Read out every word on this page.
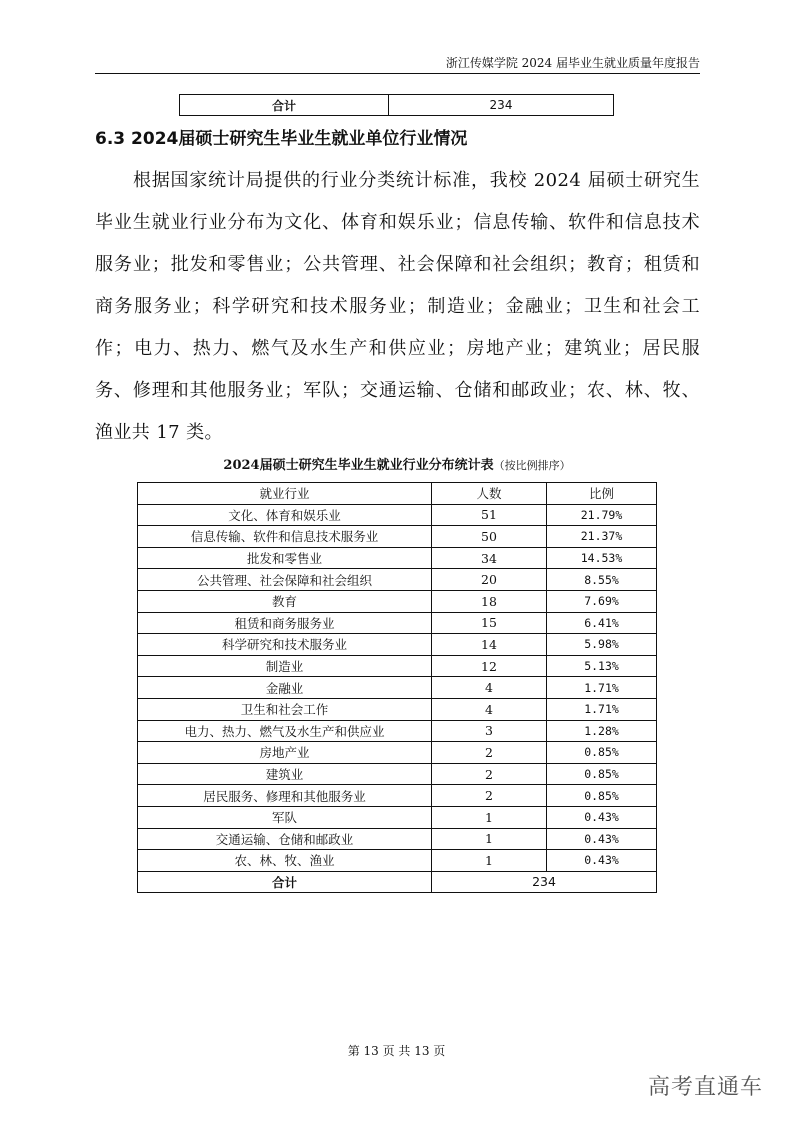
浙江传媒学院 2024 届毕业生就业质量年度报告
合计	234
6.3 2024届硕士研究生毕业生就业单位行业情况
根据国家统计局提供的行业分类统计标准，我校 2024 届硕士研究生毕业生就业行业分布为文化、体育和娱乐业；信息传输、软件和信息技术服务业；批发和零售业；公共管理、社会保障和社会组织；教育；租赁和商务服务业；科学研究和技术服务业；制造业；金融业；卫生和社会工作；电力、热力、燃气及水生产和供应业；房地产业；建筑业；居民服务、修理和其他服务业；军队；交通运输、仓储和邮政业；农、林、牧、渔业共 17 类。
2024届硕士研究生毕业生就业行业分布统计表（按比例排序）
就业行业	人数	比例
文化、体育和娱乐业	51	21.79%
信息传输、软件和信息技术服务业	50	21.37%
批发和零售业	34	14.53%
公共管理、社会保障和社会组织	20	8.55%
教育	18	7.69%
租赁和商务服务业	15	6.41%
科学研究和技术服务业	14	5.98%
制造业	12	5.13%
金融业	4	1.71%
卫生和社会工作	4	1.71%
电力、热力、燃气及水生产和供应业	3	1.28%
房地产业	2	0.85%
建筑业	2	0.85%
居民服务、修理和其他服务业	2	0.85%
军队	1	0.43%
交通运输、仓储和邮政业	1	0.43%
农、林、牧、渔业	1	0.43%
合计	234	
第 13 页 共 13 页
高考直通车
